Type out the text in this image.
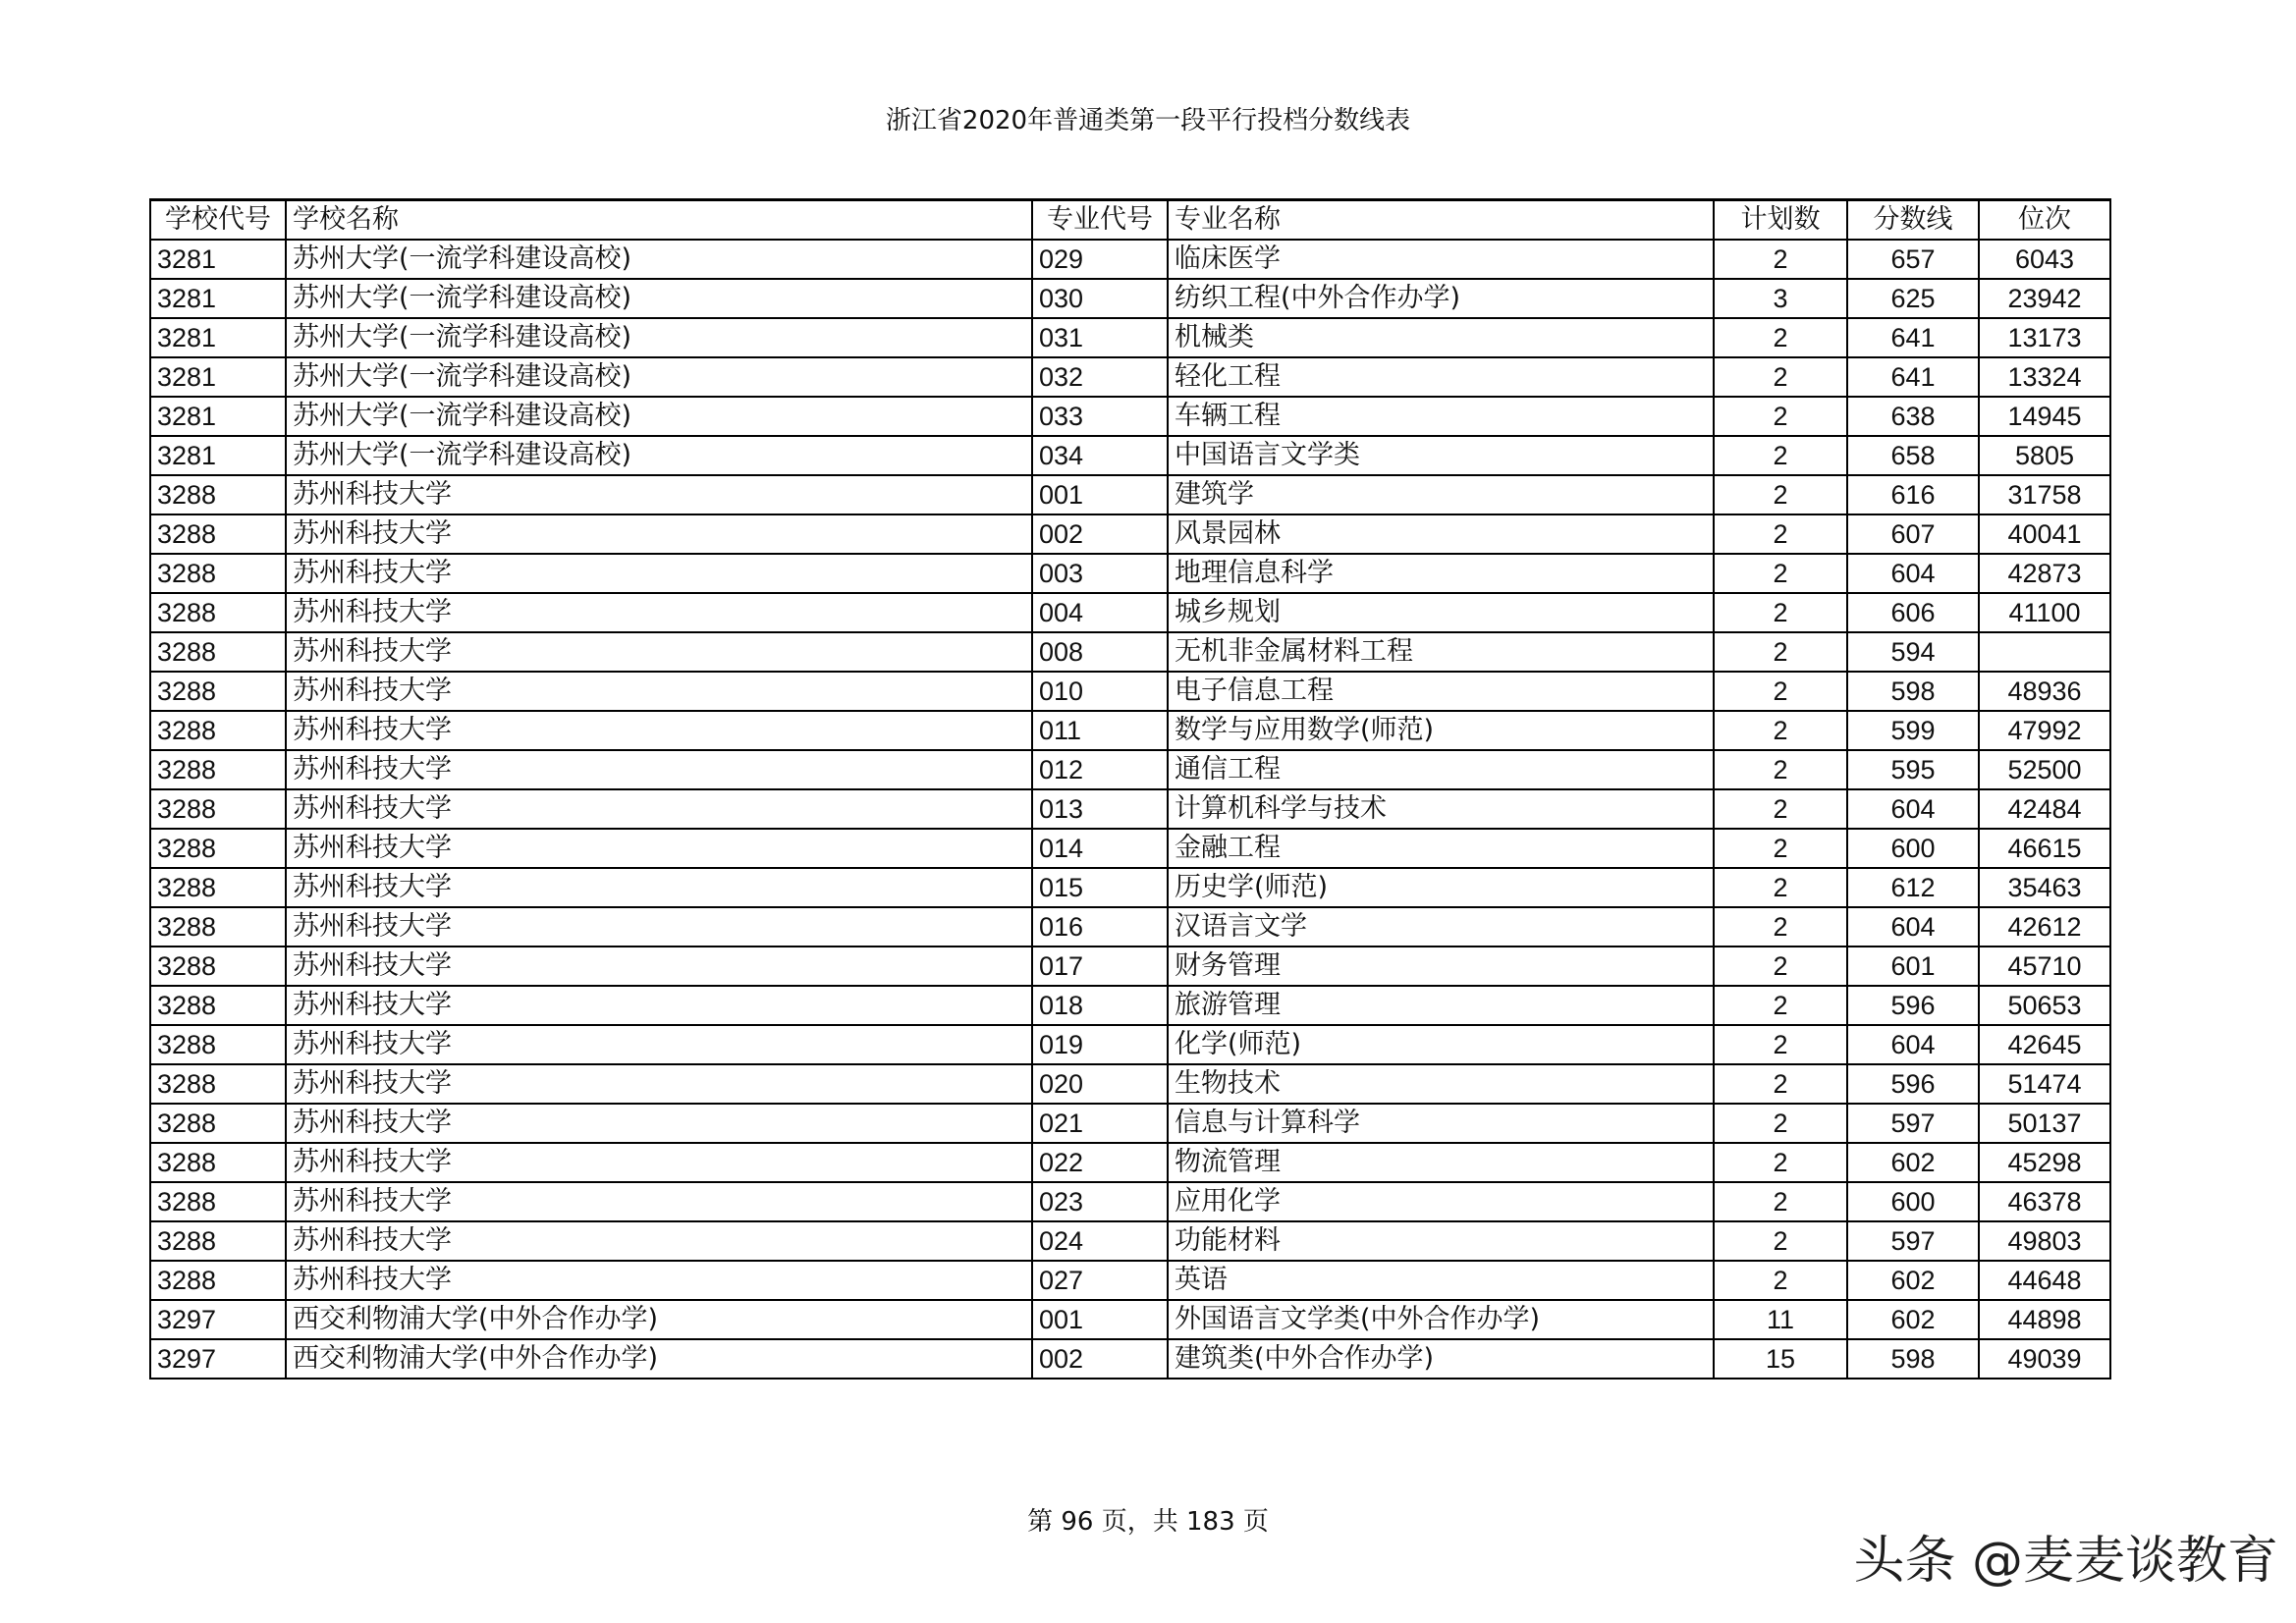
浙江省2020年普通类第一段平行投档分数线表
学校代号	学校名称	专业代号	专业名称	计划数	分数线	位次
3281	苏州大学(一流学科建设高校)	029	临床医学	2	657	6043
3281	苏州大学(一流学科建设高校)	030	纺织工程(中外合作办学)	3	625	23942
3281	苏州大学(一流学科建设高校)	031	机械类	2	641	13173
3281	苏州大学(一流学科建设高校)	032	轻化工程	2	641	13324
3281	苏州大学(一流学科建设高校)	033	车辆工程	2	638	14945
3281	苏州大学(一流学科建设高校)	034	中国语言文学类	2	658	5805
3288	苏州科技大学	001	建筑学	2	616	31758
3288	苏州科技大学	002	风景园林	2	607	40041
3288	苏州科技大学	003	地理信息科学	2	604	42873
3288	苏州科技大学	004	城乡规划	2	606	41100
3288	苏州科技大学	008	无机非金属材料工程	2	594	
3288	苏州科技大学	010	电子信息工程	2	598	48936
3288	苏州科技大学	011	数学与应用数学(师范)	2	599	47992
3288	苏州科技大学	012	通信工程	2	595	52500
3288	苏州科技大学	013	计算机科学与技术	2	604	42484
3288	苏州科技大学	014	金融工程	2	600	46615
3288	苏州科技大学	015	历史学(师范)	2	612	35463
3288	苏州科技大学	016	汉语言文学	2	604	42612
3288	苏州科技大学	017	财务管理	2	601	45710
3288	苏州科技大学	018	旅游管理	2	596	50653
3288	苏州科技大学	019	化学(师范)	2	604	42645
3288	苏州科技大学	020	生物技术	2	596	51474
3288	苏州科技大学	021	信息与计算科学	2	597	50137
3288	苏州科技大学	022	物流管理	2	602	45298
3288	苏州科技大学	023	应用化学	2	600	46378
3288	苏州科技大学	024	功能材料	2	597	49803
3288	苏州科技大学	027	英语	2	602	44648
3297	西交利物浦大学(中外合作办学)	001	外国语言文学类(中外合作办学)	11	602	44898
3297	西交利物浦大学(中外合作办学)	002	建筑类(中外合作办学)	15	598	49039
第 96 页，共 183 页
头条 @麦麦谈教育
